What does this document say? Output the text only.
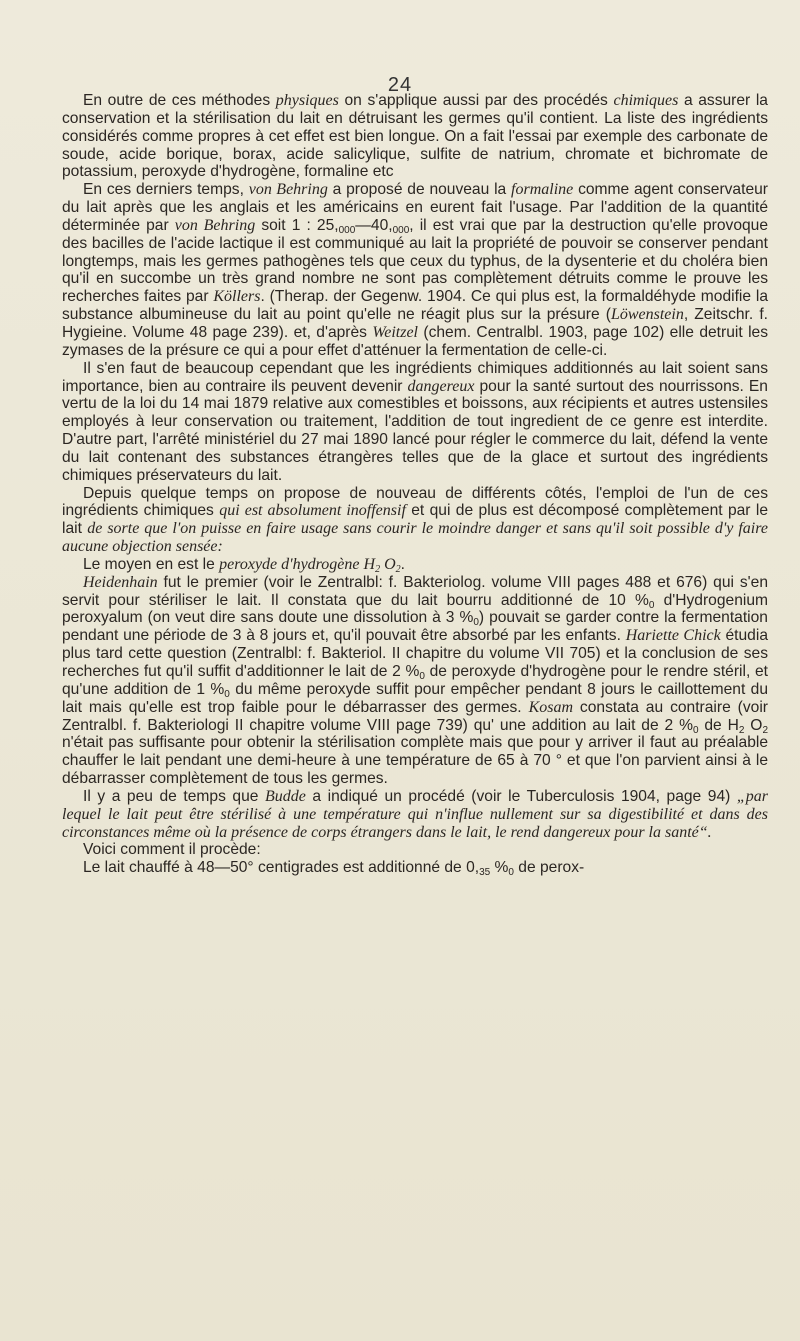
24

En outre de ces méthodes physiques on s'applique aussi par des procédés chimiques a assurer la conservation et la stérilisation du lait en détruisant les germes qu'il contient. La liste des ingrédients considérés comme propres à cet effet est bien longue. On a fait l'essai par exemple des carbonate de soude, acide borique, borax, acide salicylique, sulfite de natrium, chromate et bichromate de potassium, peroxyde d'hydrogène, formaline etc

En ces derniers temps, von Behring a proposé de nouveau la formaline comme agent conservateur du lait après que les anglais et les américains en eurent fait l'usage. Par l'addition de la quantité déterminée par von Behring soit 1 : $25,_{000}—40,_{000}$, il est vrai que par la destruction qu'elle provoque des bacilles de l'acide lactique il est communiqué au lait la propriété de pouvoir se conserver pendant longtemps, mais les germes pathogènes tels que ceux du typhus, de la dysenterie et du choléra bien qu'il en succombe un très grand nombre ne sont pas complètement détruits comme le prouve les recherches faites par Köllers. (Therap. der Gegenw. 1904. Ce qui plus est, la formaldéhyde modifie la substance albumineuse du lait au point qu'elle ne réagit plus sur la présure (Löwenstein, Zeitschr. f. Hygieine. Volume 48 page 239). et, d'après Weitzel (chem. Centralbl. 1903, page 102) elle detruit les zymases de la présure ce qui a pour effet d'atténuer la fermentation de celle-ci.

Il s'en faut de beaucoup cependant que les ingrédients chimiques additionnés au lait soient sans importance, bien au contraire ils peuvent devenir dangereux pour la santé surtout des nourrissons. En vertu de la loi du 14 mai 1879 relative aux comestibles et boissons, aux récipients et autres ustensiles employés à leur conservation ou traitement, l'addition de tout ingredient de ce genre est interdite. D'autre part, l'arrêté ministériel du 27 mai 1890 lancé pour régler le commerce du lait, défend la vente du lait contenant des substances étrangères telles que de la glace et surtout des ingrédients chimiques préservateurs du lait.

Depuis quelque temps on propose de nouveau de différents côtés, l'emploi de l'un de ces ingrédients chimiques qui est absolument inoffensif et qui de plus est décomposé complètement par le lait de sorte que l'on puisse en faire usage sans courir le moindre danger et sans qu'il soit possible d'y faire aucune objection sensée:

Le moyen en est le peroxyde d'hydrogène $H_2$ $O_2$.

Heidenhain fut le premier (voir le Zentralbl: f. Bakteriolog. volume VIII pages 488 et 676) qui s'en servit pour stériliser le lait. Il constata que du lait bourru additionné de 10 $\%_0$ d'Hydrogenium peroxyalum (on veut dire sans doute une dissolution à 3 $\%_0$) pouvait se garder contre la fermentation pendant une période de 3 à 8 jours et, qu'il pouvait être absorbé par les enfants. Hariette Chick étudia plus tard cette question (Zentralbl: f. Bakteriol. II chapitre du volume VII 705) et la conclusion de ses recherches fut qu'il suffit d'additionner le lait de 2 $\%_0$ de peroxyde d'hydrogène pour le rendre stéril, et qu'une addition de 1 $\%_0$ du même peroxyde suffit pour empêcher pendant 8 jours le caillottement du lait mais qu'elle est trop faible pour le débarrasser des germes. Kosam constata au contraire (voir Zentralbl. f. Bakteriologi II chapitre volume VIII page 739) qu' une addition au lait de 2 $\%_0$ de $H_2$ $O_2$ n'était pas suffisante pour obtenir la stérilisation complète mais que pour y arriver il faut au préalable chauffer le lait pendant une demi-heure à une température de 65 à 70 ° et que l'on parvient ainsi à le débarrasser complètement de tous les germes.

Il y a peu de temps que Budde a indiqué un procédé (voir le Tuberculosis 1904, page 94) „par lequel le lait peut être stérilisé à une température qui n'influe nullement sur sa digestibilité et dans des circonstances même où la présence de corps étrangers dans le lait, le rend dangereux pour la santé“.

Voici comment il procède:

Le lait chauffé à 48—50° centigrades est additionné de $0,_{35}$ $\%_0$ de perox-
